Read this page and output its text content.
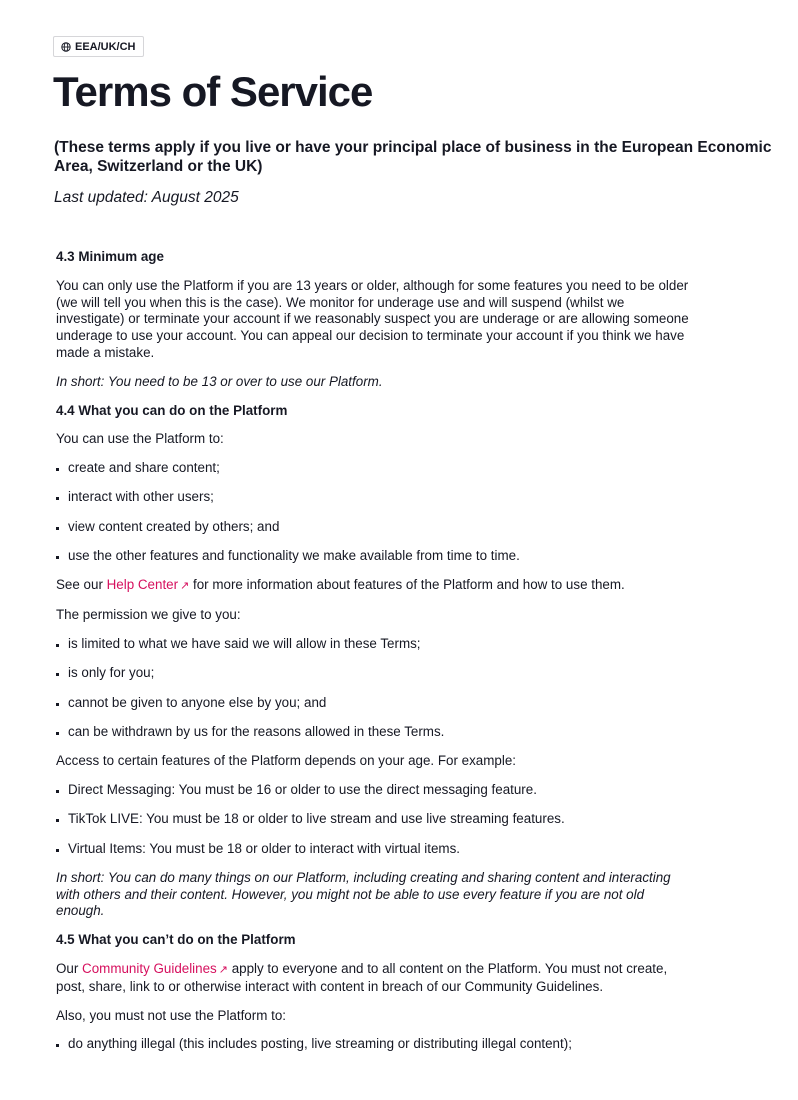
EEA/UK/CH
Terms of Service

(These terms apply if you live or have your principal place of business in the European Economic Area, Switzerland or the UK)

Last updated: August 2025

4.3 Minimum age

You can only use the Platform if you are 13 years or older, although for some features you need to be older (we will tell you when this is the case). We monitor for underage use and will suspend (whilst we investigate) or terminate your account if we reasonably suspect you are underage or are allowing someone underage to use your account. You can appeal our decision to terminate your account if you think we have made a mistake.

In short: You need to be 13 or over to use our Platform.

4.4 What you can do on the Platform

You can use the Platform to:

create and share content;
interact with other users;
view content created by others; and
use the other features and functionality we make available from time to time.

See our Help Center ↗ for more information about features of the Platform and how to use them.

The permission we give to you:

is limited to what we have said we will allow in these Terms;
is only for you;
cannot be given to anyone else by you; and
can be withdrawn by us for the reasons allowed in these Terms.

Access to certain features of the Platform depends on your age. For example:

Direct Messaging: You must be 16 or older to use the direct messaging feature.
TikTok LIVE: You must be 18 or older to live stream and use live streaming features.
Virtual Items: You must be 18 or older to interact with virtual items.

In short: You can do many things on our Platform, including creating and sharing content and interacting with others and their content. However, you might not be able to use every feature if you are not old enough.

4.5 What you can’t do on the Platform

Our Community Guidelines ↗ apply to everyone and to all content on the Platform. You must not create, post, share, link to or otherwise interact with content in breach of our Community Guidelines.

Also, you must not use the Platform to:

do anything illegal (this includes posting, live streaming or distributing illegal content);
